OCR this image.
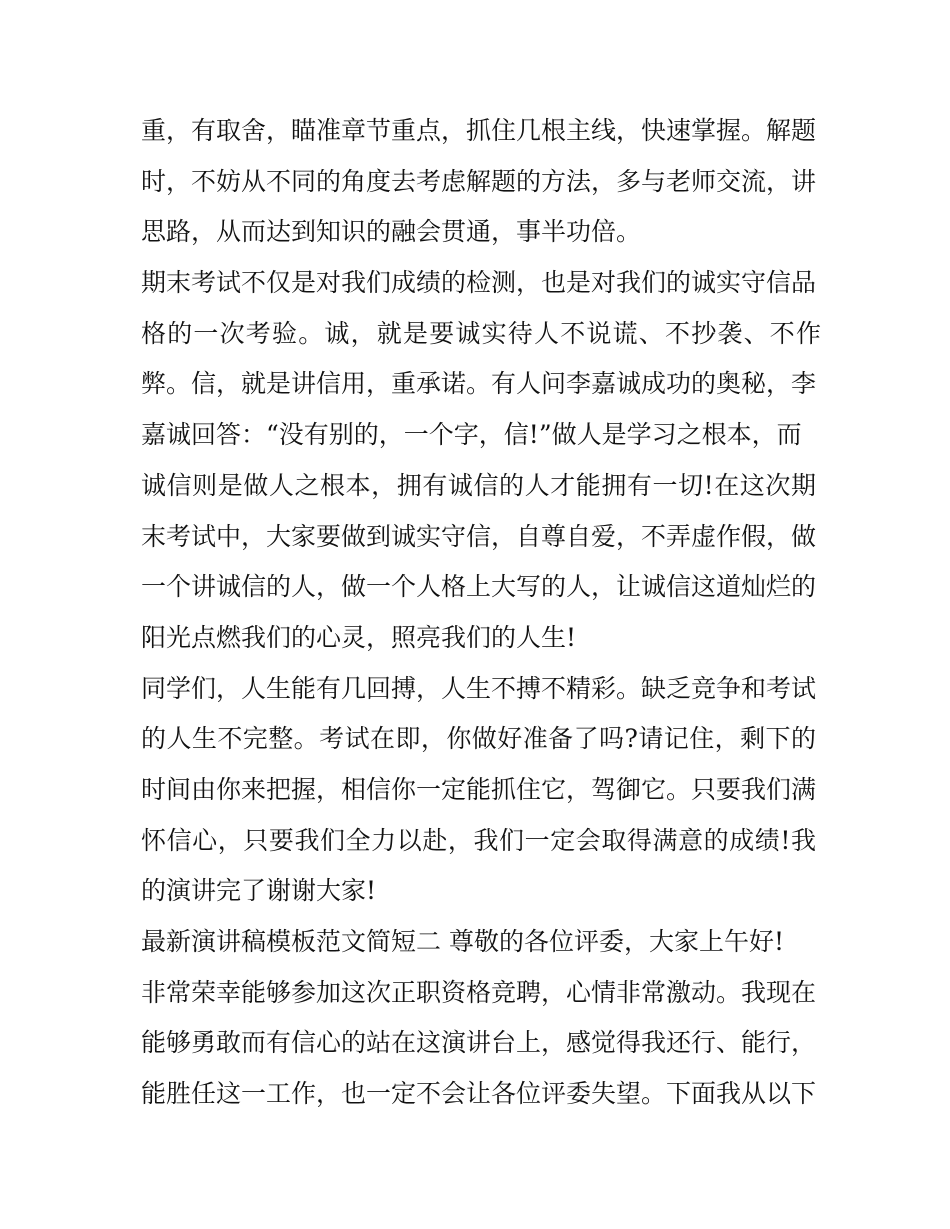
重，有取舍，瞄准章节重点，抓住几根主线，快速掌握。解题
时，不妨从不同的角度去考虑解题的方法，多与老师交流，讲
思路，从而达到知识的融会贯通，事半功倍。
期末考试不仅是对我们成绩的检测，也是对我们的诚实守信品
格的一次考验。诚，就是要诚实待人不说谎、不抄袭、不作
弊。信，就是讲信用，重承诺。有人问李嘉诚成功的奥秘，李
嘉诚回答：“没有别的，一个字，信!”做人是学习之根本，而
诚信则是做人之根本，拥有诚信的人才能拥有一切!在这次期
末考试中，大家要做到诚实守信，自尊自爱，不弄虚作假，做
一个讲诚信的人，做一个人格上大写的人，让诚信这道灿烂的
阳光点燃我们的心灵，照亮我们的人生!
同学们，人生能有几回搏，人生不搏不精彩。缺乏竞争和考试
的人生不完整。考试在即，你做好准备了吗?请记住，剩下的
时间由你来把握，相信你一定能抓住它，驾御它。只要我们满
怀信心，只要我们全力以赴，我们一定会取得满意的成绩!我
的演讲完了谢谢大家!
最新演讲稿模板范文简短二 尊敬的各位评委，大家上午好!
非常荣幸能够参加这次正职资格竞聘，心情非常激动。我现在
能够勇敢而有信心的站在这演讲台上，感觉得我还行、能行，
能胜任这一工作，也一定不会让各位评委失望。下面我从以下
